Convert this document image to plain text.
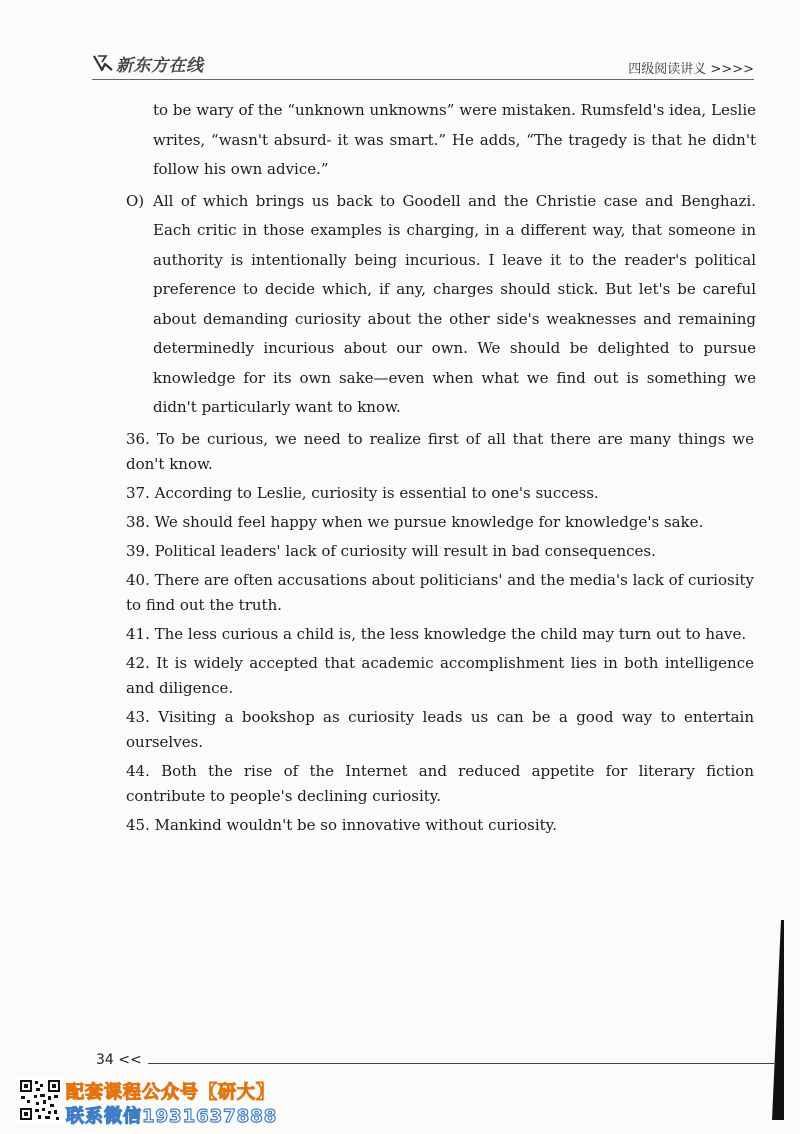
新东方在线	四级阅读讲义 >>>>

to be wary of the “unknown unknowns” were mistaken. Rumsfeld's idea, Leslie writes, “wasn't absurd- it was smart.” He adds, “The tragedy is that he didn't follow his own advice.”

O) All of which brings us back to Goodell and the Christie case and Benghazi. Each critic in those examples is charging, in a different way, that someone in authority is intentionally being incurious. I leave it to the reader's political preference to decide which, if any, charges should stick. But let's be careful about demanding curiosity about the other side's weaknesses and remaining determinedly incurious about our own. We should be delighted to pursue knowledge for its own sake—even when what we find out is something we didn't particularly want to know.

36. To be curious, we need to realize first of all that there are many things we don't know.

37. According to Leslie, curiosity is essential to one's success.

38. We should feel happy when we pursue knowledge for knowledge's sake.

39. Political leaders' lack of curiosity will result in bad consequences.

40. There are often accusations about politicians' and the media's lack of curiosity to find out the truth.

41. The less curious a child is, the less knowledge the child may turn out to have.

42. It is widely accepted that academic accomplishment lies in both intelligence and diligence.

43. Visiting a bookshop as curiosity leads us can be a good way to entertain ourselves.

44. Both the rise of the Internet and reduced appetite for literary fiction contribute to people's declining curiosity.

45. Mankind wouldn't be so innovative without curiosity.

34 <<
配套课程公众号【研大】
联系微信1931637888
